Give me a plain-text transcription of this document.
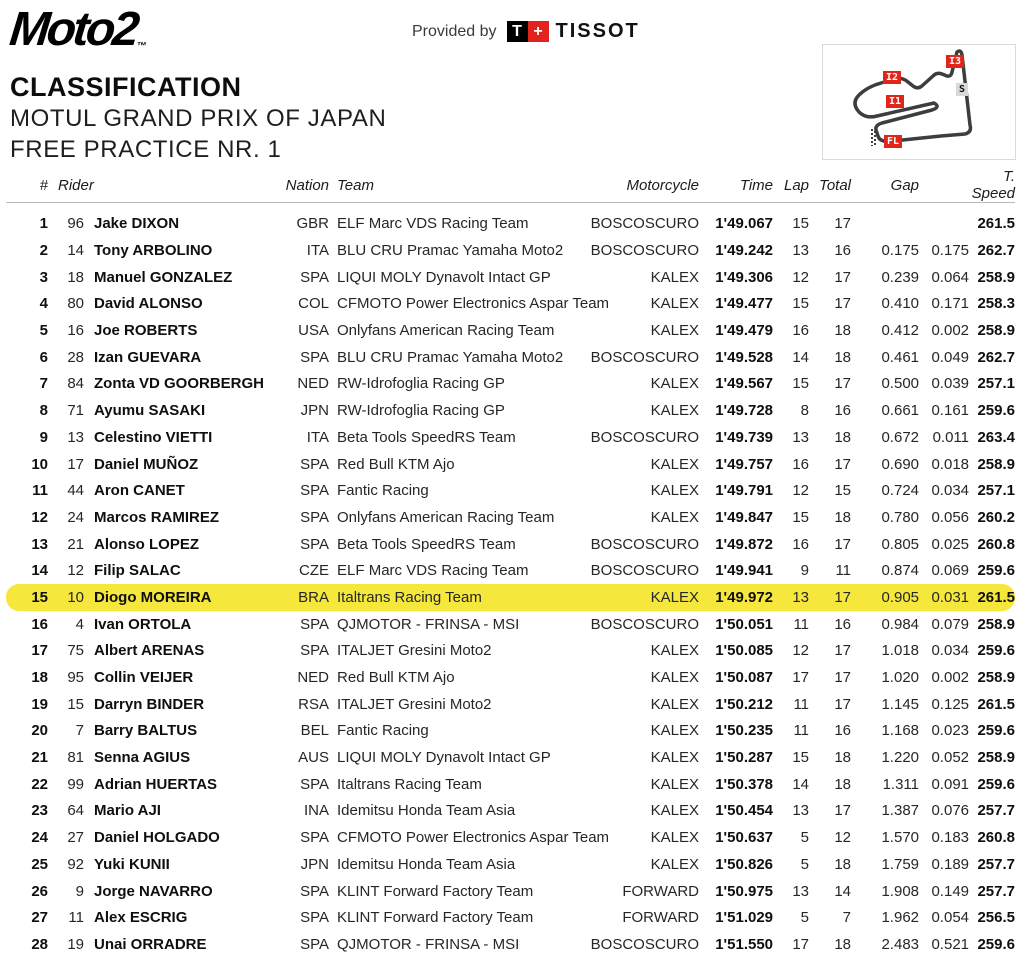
Moto2™
Provided by T + TISSOT
CLASSIFICATION
MOTUL GRAND PRIX OF JAPAN
FREE PRACTICE NR. 1
I2
I1
I3
S
FL
#	Rider		Nation	Team	Motorcycle	Time	Lap	Total	Gap		T. Speed
1	96	Jake DIXON	GBR	ELF Marc VDS Racing Team	BOSCOSCURO	1'49.067	15	17			261.5
2	14	Tony ARBOLINO	ITA	BLU CRU Pramac Yamaha Moto2	BOSCOSCURO	1'49.242	13	16	0.175	0.175	262.7
3	18	Manuel GONZALEZ	SPA	LIQUI MOLY Dynavolt Intact GP	KALEX	1'49.306	12	17	0.239	0.064	258.9
4	80	David ALONSO	COL	CFMOTO Power Electronics Aspar Team	KALEX	1'49.477	15	17	0.410	0.171	258.3
5	16	Joe ROBERTS	USA	Onlyfans American Racing Team	KALEX	1'49.479	16	18	0.412	0.002	258.9
6	28	Izan GUEVARA	SPA	BLU CRU Pramac Yamaha Moto2	BOSCOSCURO	1'49.528	14	18	0.461	0.049	262.7
7	84	Zonta VD GOORBERGH	NED	RW-Idrofoglia Racing GP	KALEX	1'49.567	15	17	0.500	0.039	257.1
8	71	Ayumu SASAKI	JPN	RW-Idrofoglia Racing GP	KALEX	1'49.728	8	16	0.661	0.161	259.6
9	13	Celestino VIETTI	ITA	Beta Tools SpeedRS Team	BOSCOSCURO	1'49.739	13	18	0.672	0.011	263.4
10	17	Daniel MUÑOZ	SPA	Red Bull KTM Ajo	KALEX	1'49.757	16	17	0.690	0.018	258.9
11	44	Aron CANET	SPA	Fantic Racing	KALEX	1'49.791	12	15	0.724	0.034	257.1
12	24	Marcos RAMIREZ	SPA	Onlyfans American Racing Team	KALEX	1'49.847	15	18	0.780	0.056	260.2
13	21	Alonso LOPEZ	SPA	Beta Tools SpeedRS Team	BOSCOSCURO	1'49.872	16	17	0.805	0.025	260.8
14	12	Filip SALAC	CZE	ELF Marc VDS Racing Team	BOSCOSCURO	1'49.941	9	11	0.874	0.069	259.6
15	10	Diogo MOREIRA	BRA	Italtrans Racing Team	KALEX	1'49.972	13	17	0.905	0.031	261.5
16	4	Ivan ORTOLA	SPA	QJMOTOR - FRINSA - MSI	BOSCOSCURO	1'50.051	11	16	0.984	0.079	258.9
17	75	Albert ARENAS	SPA	ITALJET Gresini Moto2	KALEX	1'50.085	12	17	1.018	0.034	259.6
18	95	Collin VEIJER	NED	Red Bull KTM Ajo	KALEX	1'50.087	17	17	1.020	0.002	258.9
19	15	Darryn BINDER	RSA	ITALJET Gresini Moto2	KALEX	1'50.212	11	17	1.145	0.125	261.5
20	7	Barry BALTUS	BEL	Fantic Racing	KALEX	1'50.235	11	16	1.168	0.023	259.6
21	81	Senna AGIUS	AUS	LIQUI MOLY Dynavolt Intact GP	KALEX	1'50.287	15	18	1.220	0.052	258.9
22	99	Adrian HUERTAS	SPA	Italtrans Racing Team	KALEX	1'50.378	14	18	1.311	0.091	259.6
23	64	Mario AJI	INA	Idemitsu Honda Team Asia	KALEX	1'50.454	13	17	1.387	0.076	257.7
24	27	Daniel HOLGADO	SPA	CFMOTO Power Electronics Aspar Team	KALEX	1'50.637	5	12	1.570	0.183	260.8
25	92	Yuki KUNII	JPN	Idemitsu Honda Team Asia	KALEX	1'50.826	5	18	1.759	0.189	257.7
26	9	Jorge NAVARRO	SPA	KLINT Forward Factory Team	FORWARD	1'50.975	13	14	1.908	0.149	257.7
27	11	Alex ESCRIG	SPA	KLINT Forward Factory Team	FORWARD	1'51.029	5	7	1.962	0.054	256.5
28	19	Unai ORRADRE	SPA	QJMOTOR - FRINSA - MSI	BOSCOSCURO	1'51.550	17	18	2.483	0.521	259.6
